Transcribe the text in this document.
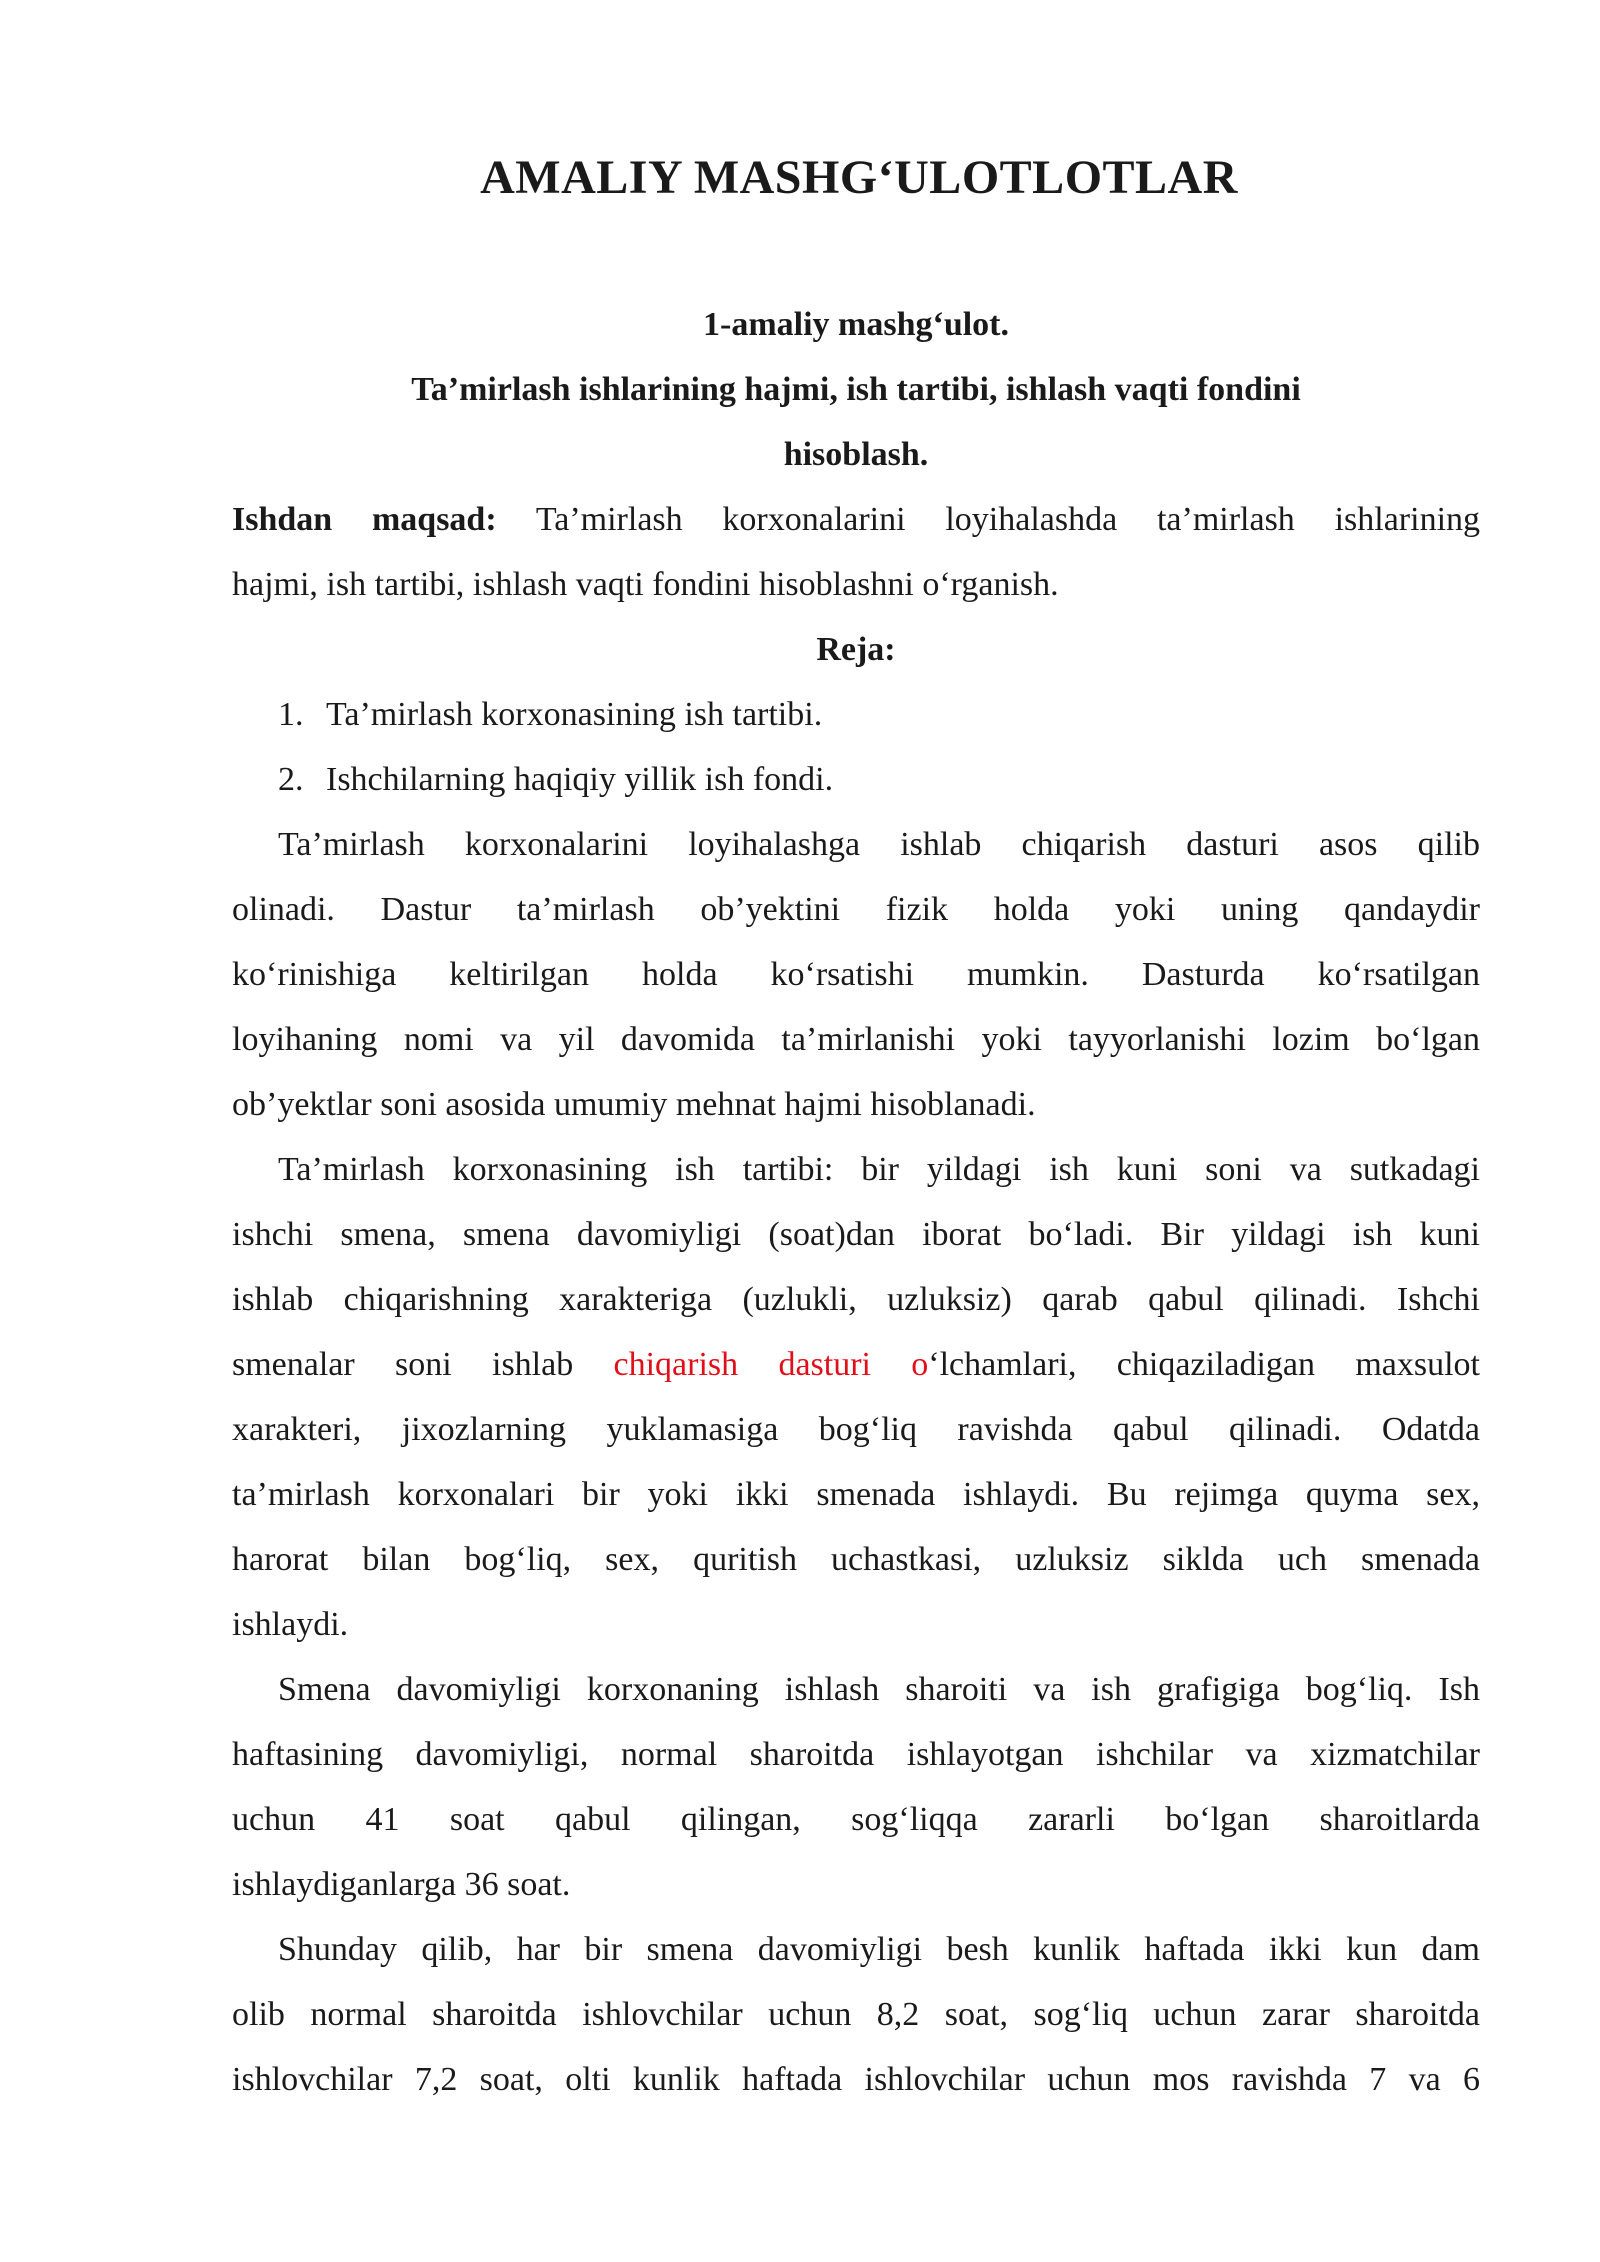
AMALIY MASHG‘ULOTLOTLAR
1-amaliy mashg‘ulot.
Ta’mirlash ishlarining hajmi, ish tartibi, ishlash vaqti fondini
hisoblash.
Ishdan maqsad: Ta’mirlash korxonalarini loyihalashda ta’mirlash ishlarining
hajmi, ish tartibi, ishlash vaqti fondini hisoblashni o‘rganish.
Reja:
1. Ta’mirlash korxonasining ish tartibi.
2. Ishchilarning haqiqiy yillik ish fondi.
Ta’mirlash korxonalarini loyihalashga ishlab chiqarish dasturi asos qilib
olinadi. Dastur ta’mirlash ob’yektini fizik holda yoki uning qandaydir
ko‘rinishiga keltirilgan holda ko‘rsatishi mumkin. Dasturda ko‘rsatilgan
loyihaning nomi va yil davomida ta’mirlanishi yoki tayyorlanishi lozim bo‘lgan
ob’yektlar soni asosida umumiy mehnat hajmi hisoblanadi.
Ta’mirlash korxonasining ish tartibi: bir yildagi ish kuni soni va sutkadagi
ishchi smena, smena davomiyligi (soat)dan iborat bo‘ladi. Bir yildagi ish kuni
ishlab chiqarishning xarakteriga (uzlukli, uzluksiz) qarab qabul qilinadi. Ishchi
smenalar soni ishlab chiqarish dasturi o‘lchamlari, chiqaziladigan maxsulot
xarakteri, jixozlarning yuklamasiga bog‘liq ravishda qabul qilinadi. Odatda
ta’mirlash korxonalari bir yoki ikki smenada ishlaydi. Bu rejimga quyma sex,
harorat bilan bog‘liq, sex, quritish uchastkasi, uzluksiz siklda uch smenada
ishlaydi.
Smena davomiyligi korxonaning ishlash sharoiti va ish grafigiga bog‘liq. Ish
haftasining davomiyligi, normal sharoitda ishlayotgan ishchilar va xizmatchilar
uchun 41 soat qabul qilingan, sog‘liqqa zararli bo‘lgan sharoitlarda
ishlaydiganlarga 36 soat.
Shunday qilib, har bir smena davomiyligi besh kunlik haftada ikki kun dam
olib normal sharoitda ishlovchilar uchun 8,2 soat, sog‘liq uchun zarar sharoitda
ishlovchilar 7,2 soat, olti kunlik haftada ishlovchilar uchun mos ravishda 7 va 6
